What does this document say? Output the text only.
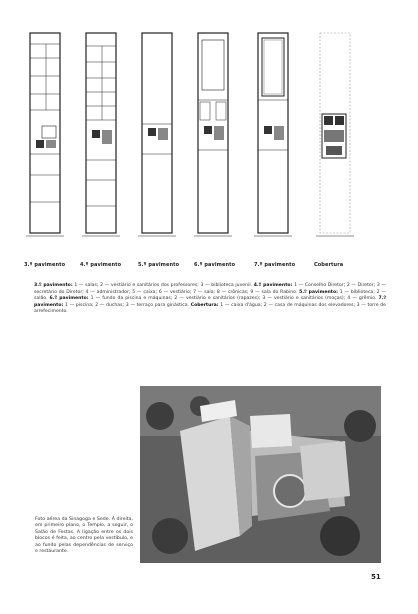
3.º pavimento	4.º pavimento	5.º pavimento	6.º pavimento	7.º pavimento	Cobertura

3.º pavimento: 1 — salas; 2 — vestiário e sanitários dos professores; 3 — biblioteca juvenil. 4.º pavimento: 1 — Conselho Diretor; 2 — Diretor; 3 — secretário do Diretor; 4 — administrador; 5 — caixa; 6 — vestiário; 7 — sala; 8 — crônicas; 9 — sala do Rabino. 5.º pavimento: 1 — biblioteca; 2 — salão. 6.º pavimento: 1 — fundo da piscina e máquinas; 2 — vestiário e sanitários (rapazes); 3 — vestiário e sanitários (moças); 4 — grêmio. 7.º pavimento: 1 — piscina; 2 — duchas; 3 — terraço para ginástica. Cobertura: 1 — caixa d'água; 2 — casa de máquinas dos elevadores; 3 — torre de arrefecimento.

Foto aérea da Sinagoga e Sede. À direita, em primeiro plano, o Templo, a seguir, o Salão de Festas. A ligação entre os dois blocos é feita, ao centro pela vestíbulo, e ao fundo pelas dependências de serviço e restaurante.

51
